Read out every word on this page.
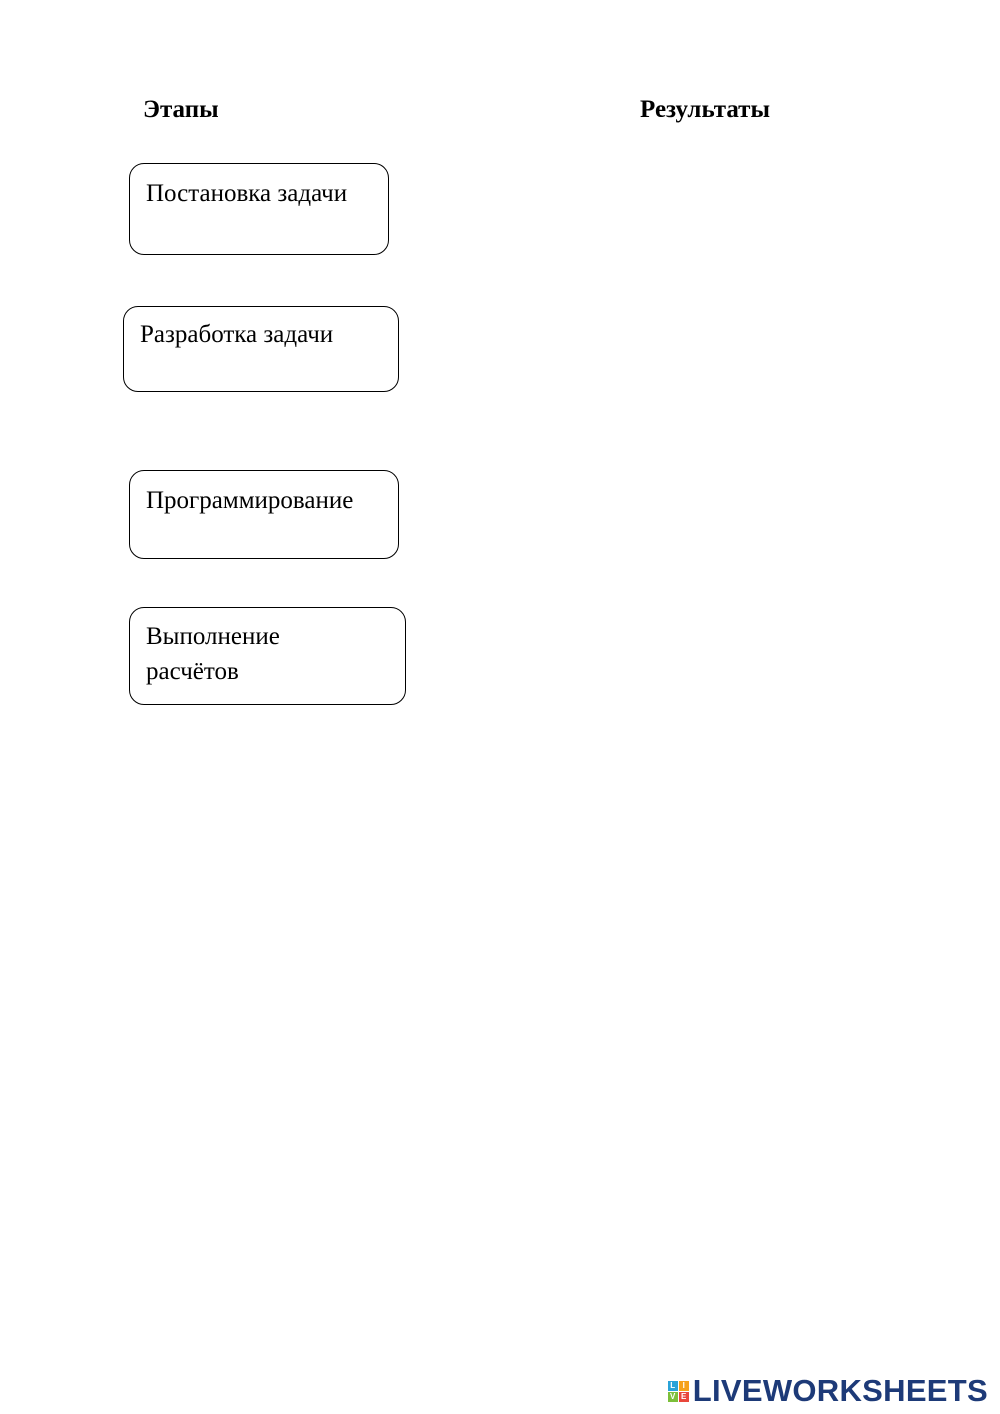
Этапы	Результаты
Постановка задачи
Разработка задачи
Программирование
Выполнение расчётов
L I
V E LIVEWORKSHEETS
